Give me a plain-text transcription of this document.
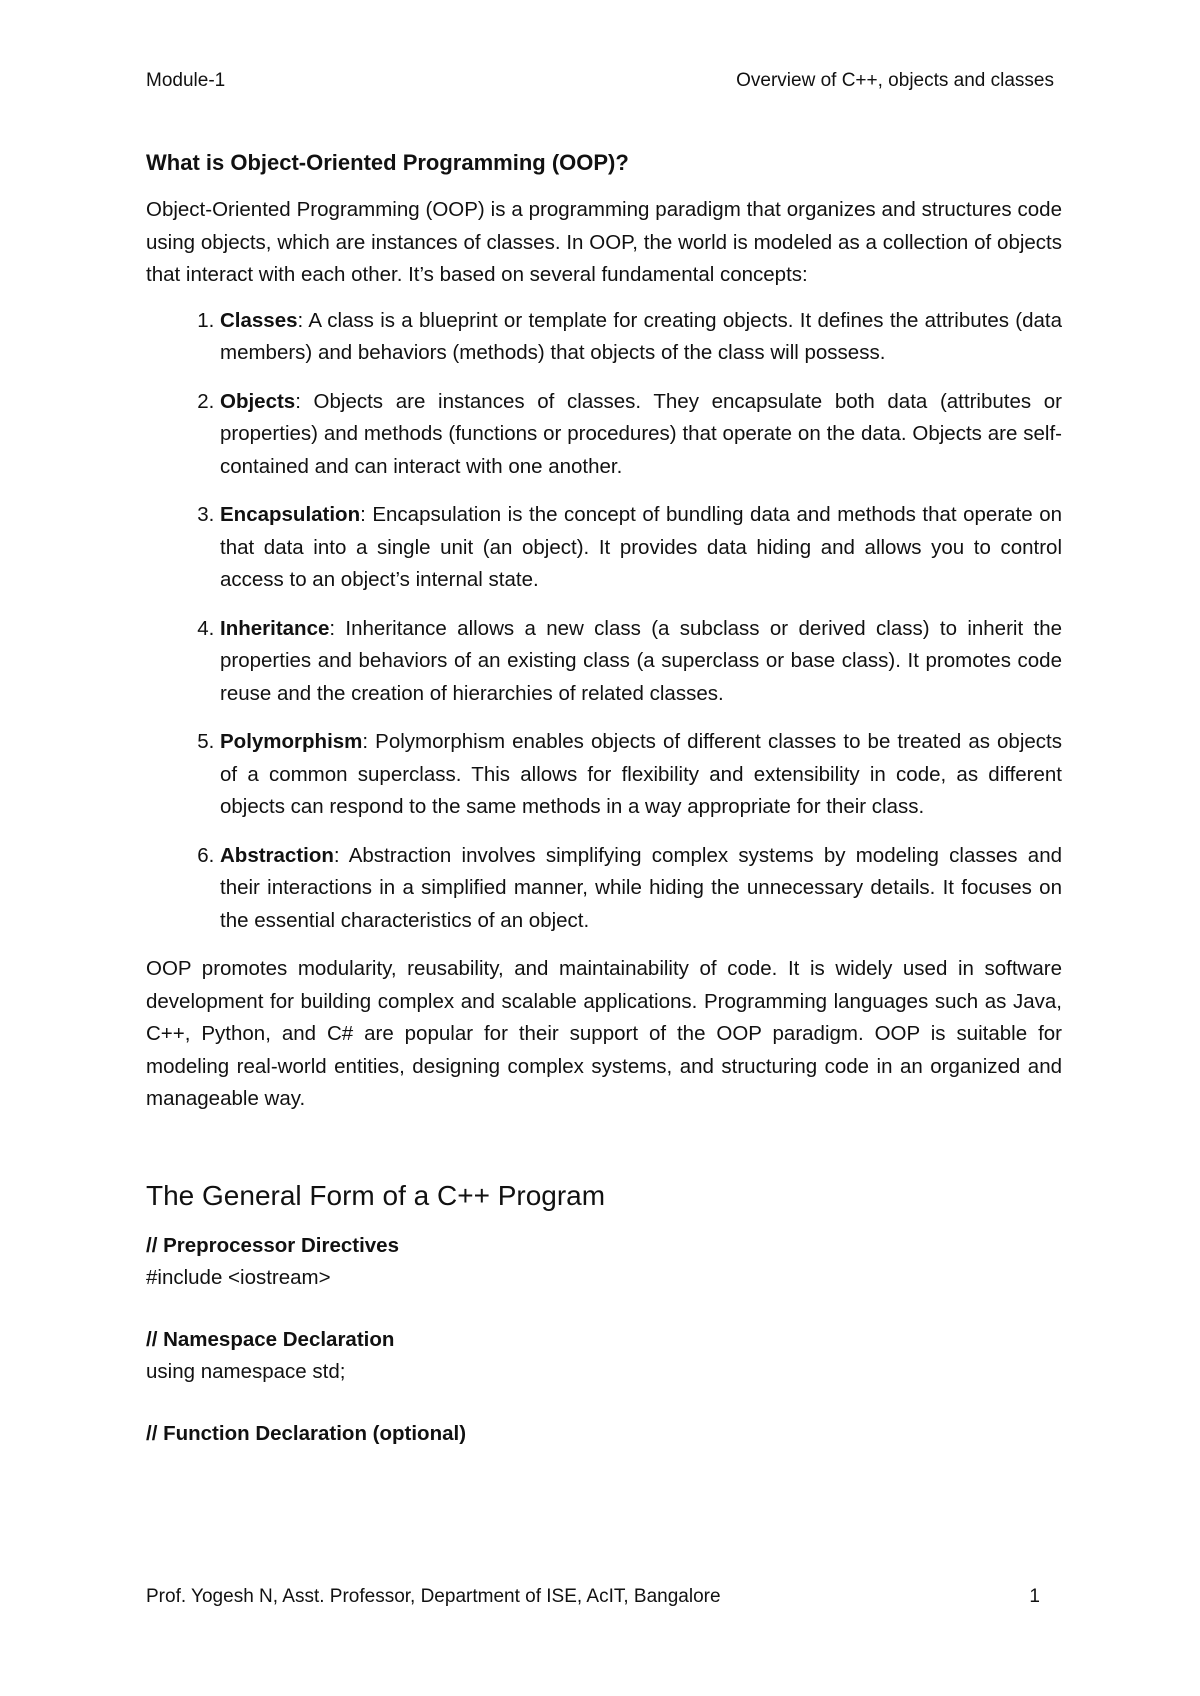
Module-1	Overview of C++, objects and classes
What is Object-Oriented Programming (OOP)?

Object-Oriented Programming (OOP) is a programming paradigm that organizes and structures code using objects, which are instances of classes. In OOP, the world is modeled as a collection of objects that interact with each other. It’s based on several fundamental concepts:

1. Classes: A class is a blueprint or template for creating objects. It defines the attributes (data members) and behaviors (methods) that objects of the class will possess.
2. Objects: Objects are instances of classes. They encapsulate both data (attributes or properties) and methods (functions or procedures) that operate on the data. Objects are self-contained and can interact with one another.
3. Encapsulation: Encapsulation is the concept of bundling data and methods that operate on that data into a single unit (an object). It provides data hiding and allows you to control access to an object’s internal state.
4. Inheritance: Inheritance allows a new class (a subclass or derived class) to inherit the properties and behaviors of an existing class (a superclass or base class). It promotes code reuse and the creation of hierarchies of related classes.
5. Polymorphism: Polymorphism enables objects of different classes to be treated as objects of a common superclass. This allows for flexibility and extensibility in code, as different objects can respond to the same methods in a way appropriate for their class.
6. Abstraction: Abstraction involves simplifying complex systems by modeling classes and their interactions in a simplified manner, while hiding the unnecessary details. It focuses on the essential characteristics of an object.

OOP promotes modularity, reusability, and maintainability of code. It is widely used in software development for building complex and scalable applications. Programming languages such as Java, C++, Python, and C# are popular for their support of the OOP paradigm. OOP is suitable for modeling real-world entities, designing complex systems, and structuring code in an organized and manageable way.

The General Form of a C++ Program
// Preprocessor Directives
#include <iostream>
// Namespace Declaration
using namespace std;
// Function Declaration (optional)
Prof. Yogesh N, Asst. Professor, Department of ISE, AcIT, Bangalore	1
